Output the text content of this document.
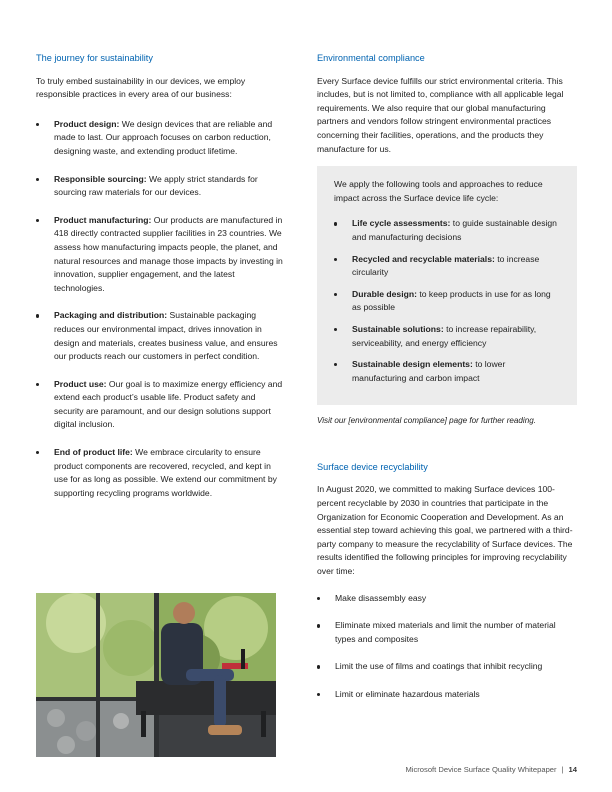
The journey for sustainability

To truly embed sustainability in our devices, we employ responsible practices in every area of our business:

Product design: We design devices that are reliable and made to last. Our approach focuses on carbon reduction, designing waste, and extending product lifetime.
Responsible sourcing: We apply strict standards for sourcing raw materials for our devices.
Product manufacturing: Our products are manufactured in 418 directly contracted supplier facilities in 23 countries. We assess how manufacturing impacts people, the planet, and natural resources and manage those impacts by investing in innovation, supplier engagement, and the latest technologies.
Packaging and distribution: Sustainable packaging reduces our environmental impact, drives innovation in design and materials, creates business value, and ensures our products reach our customers in perfect condition.
Product use: Our goal is to maximize energy efficiency and extend each product’s usable life. Product safety and security are paramount, and our design solutions support digital inclusion.
End of product life: We embrace circularity to ensure product components are recovered, recycled, and kept in use for as long as possible. We extend our commitment by supporting recycling programs worldwide.
Environmental compliance

Every Surface device fulfills our strict environmental criteria. This includes, but is not limited to, compliance with all applicable legal requirements. We also require that our global manufacturing partners and vendors follow stringent environmental practices concerning their facilities, operations, and the products they manufacture for us.

We apply the following tools and approaches to reduce impact across the Surface device life cycle:

Life cycle assessments: to guide sustainable design and manufacturing decisions
Recycled and recyclable materials: to increase circularity
Durable design: to keep products in use for as long as possible
Sustainable solutions: to increase repairability, serviceability, and energy efficiency
Sustainable design elements: to lower manufacturing and carbon impact

Visit our [environmental compliance] page for further reading.

Surface device recyclability

In August 2020, we committed to making Surface devices 100-percent recyclable by 2030 in countries that participate in the Organization for Economic Cooperation and Development. As an essential step toward achieving this goal, we partnered with a third-party company to measure the recyclability of Surface devices. The results identified the following principles for improving recyclability over time:

Make disassembly easy
Eliminate mixed materials and limit the number of material types and composites
Limit the use of films and coatings that inhibit recycling
Limit or eliminate hazardous materials
Microsoft Device Surface Quality Whitepaper | 14
